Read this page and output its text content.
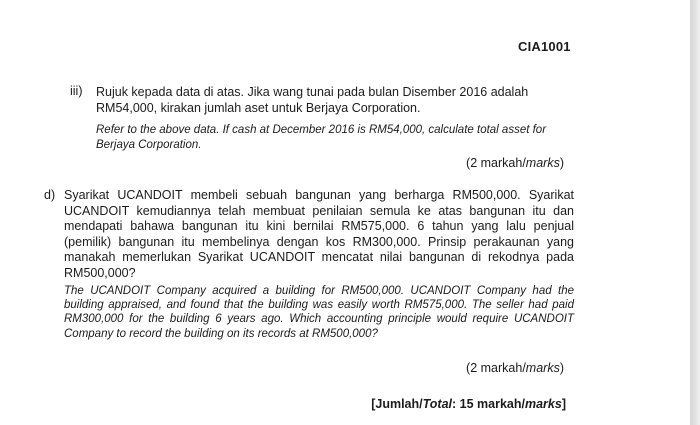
CIA1001
iii) Rujuk kepada data di atas. Jika wang tunai pada bulan Disember 2016 adalah RM54,000, kirakan jumlah aset untuk Berjaya Corporation.
Refer to the above data. If cash at December 2016 is RM54,000, calculate total asset for Berjaya Corporation.
(2 markah/marks)
d) Syarikat UCANDOIT membeli sebuah bangunan yang berharga RM500,000. Syarikat UCANDOIT kemudiannya telah membuat penilaian semula ke atas bangunan itu dan mendapati bahawa bangunan itu kini bernilai RM575,000. 6 tahun yang lalu penjual (pemilik) bangunan itu membelinya dengan kos RM300,000. Prinsip perakaunan yang manakah memerlukan Syarikat UCANDOIT mencatat nilai bangunan di rekodnya pada RM500,000?
The UCANDOIT Company acquired a building for RM500,000. UCANDOIT Company had the building appraised, and found that the building was easily worth RM575,000. The seller had paid RM300,000 for the building 6 years ago. Which accounting principle would require UCANDOIT Company to record the building on its records at RM500,000?
(2 markah/marks)
[Jumlah/Total: 15 markah/marks]
